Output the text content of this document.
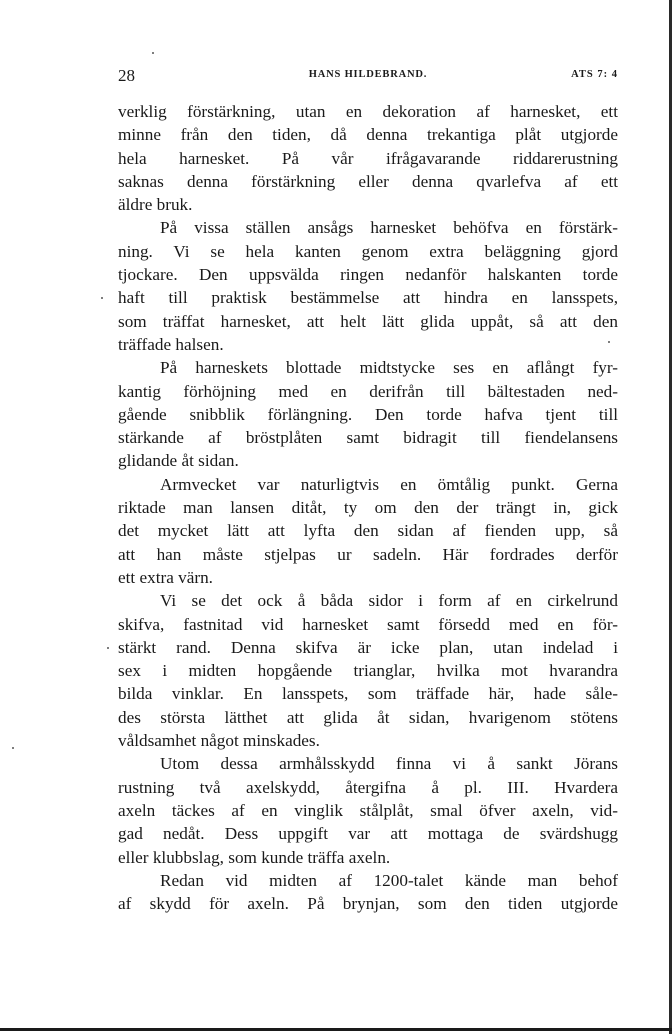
28	HANS HILDEBRAND.	ATS 7: 4
verklig förstärkning, utan en dekoration af harnesket, ett
minne från den tiden, då denna trekantiga plåt utgjorde
hela harnesket. På vår ifrågavarande riddarerustning
saknas denna förstärkning eller denna qvarlefva af ett
äldre bruk.
På vissa ställen ansågs harnesket behöfva en förstärk-
ning. Vi se hela kanten genom extra beläggning gjord
tjockare. Den uppsvälda ringen nedanför halskanten torde
haft till praktisk bestämmelse att hindra en lansspets,
som träffat harnesket, att helt lätt glida uppåt, så att den
träffade halsen.
På harneskets blottade midtstycke ses en aflångt fyr-
kantig förhöjning med en derifrån till bältestaden ned-
gående snibblik förlängning. Den torde hafva tjent till
stärkande af bröstplåten samt bidragit till fiendelansens
glidande åt sidan.
Armvecket var naturligtvis en ömtålig punkt. Gerna
riktade man lansen ditåt, ty om den der trängt in, gick
det mycket lätt att lyfta den sidan af fienden upp, så
att han måste stjelpas ur sadeln. Här fordrades derför
ett extra värn.
Vi se det ock å båda sidor i form af en cirkelrund
skifva, fastnitad vid harnesket samt försedd med en för-
stärkt rand. Denna skifva är icke plan, utan indelad i
sex i midten hopgående trianglar, hvilka mot hvarandra
bilda vinklar. En lansspets, som träffade här, hade såle-
des största lätthet att glida åt sidan, hvarigenom stötens
våldsamhet något minskades.
Utom dessa armhålsskydd finna vi å sankt Jörans
rustning två axelskydd, återgifna å pl. III. Hvardera
axeln täckes af en vinglik stålplåt, smal öfver axeln, vid-
gad nedåt. Dess uppgift var att mottaga de svärdshugg
eller klubbslag, som kunde träffa axeln.
Redan vid midten af 1200-talet kände man behof
af skydd för axeln. På brynjan, som den tiden utgjorde
